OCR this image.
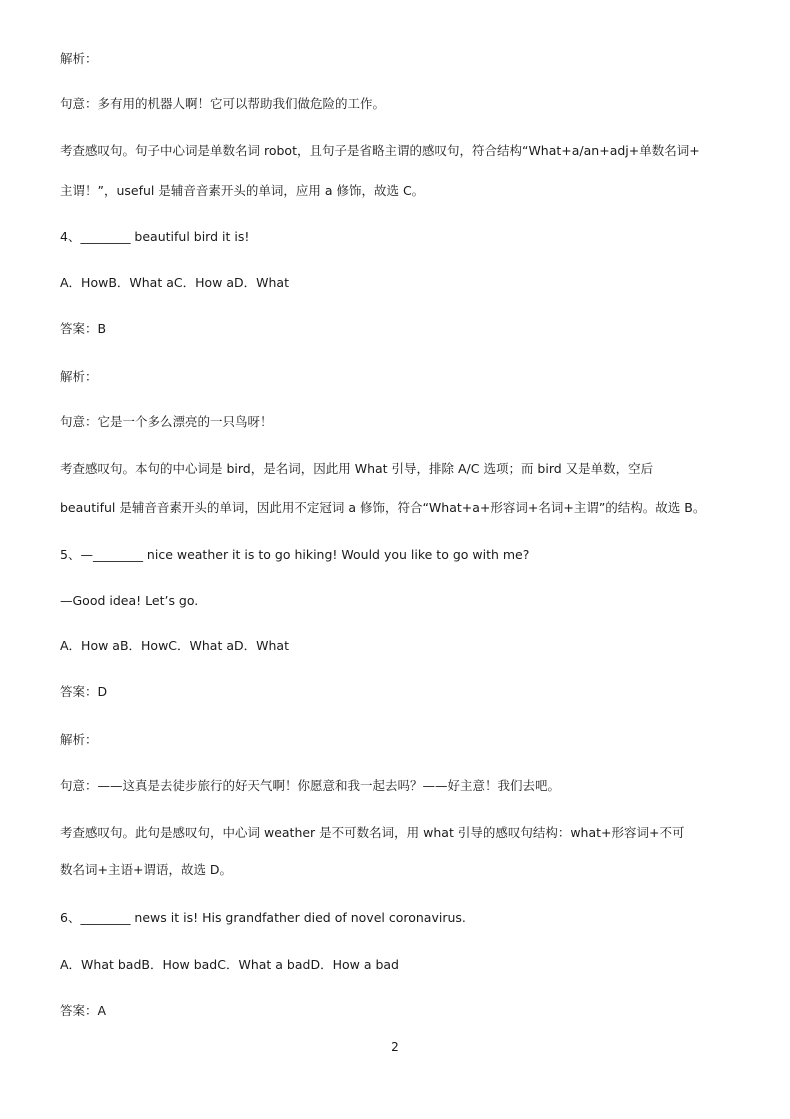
解析：
句意：多有用的机器人啊！它可以帮助我们做危险的工作。
考查感叹句。句子中心词是单数名词 robot，且句子是省略主谓的感叹句，符合结构“What+a/an+adj+单数名词+
主谓！”，useful 是辅音音素开头的单词，应用 a 修饰，故选 C。
4、________ beautiful bird it is!
A．HowB．What aC．How aD．What
答案：B
解析：
句意：它是一个多么漂亮的一只鸟呀！
考查感叹句。本句的中心词是 bird，是名词，因此用 What 引导，排除 A/C 选项；而 bird 又是单数，空后
beautiful 是辅音音素开头的单词，因此用不定冠词 a 修饰，符合“What+a+形容词+名词+主谓”的结构。故选 B。
5、—________ nice weather it is to go hiking! Would you like to go with me?
—Good idea! Let’s go.
A．How aB．HowC．What aD．What
答案：D
解析：
句意：——这真是去徒步旅行的好天气啊！你愿意和我一起去吗？——好主意！我们去吧。
考查感叹句。此句是感叹句，中心词 weather 是不可数名词，用 what 引导的感叹句结构：what+形容词+不可
数名词+主语+谓语，故选 D。
6、________ news it is! His grandfather died of novel coronavirus.
A．What badB．How badC．What a badD．How a bad
答案：A
2
